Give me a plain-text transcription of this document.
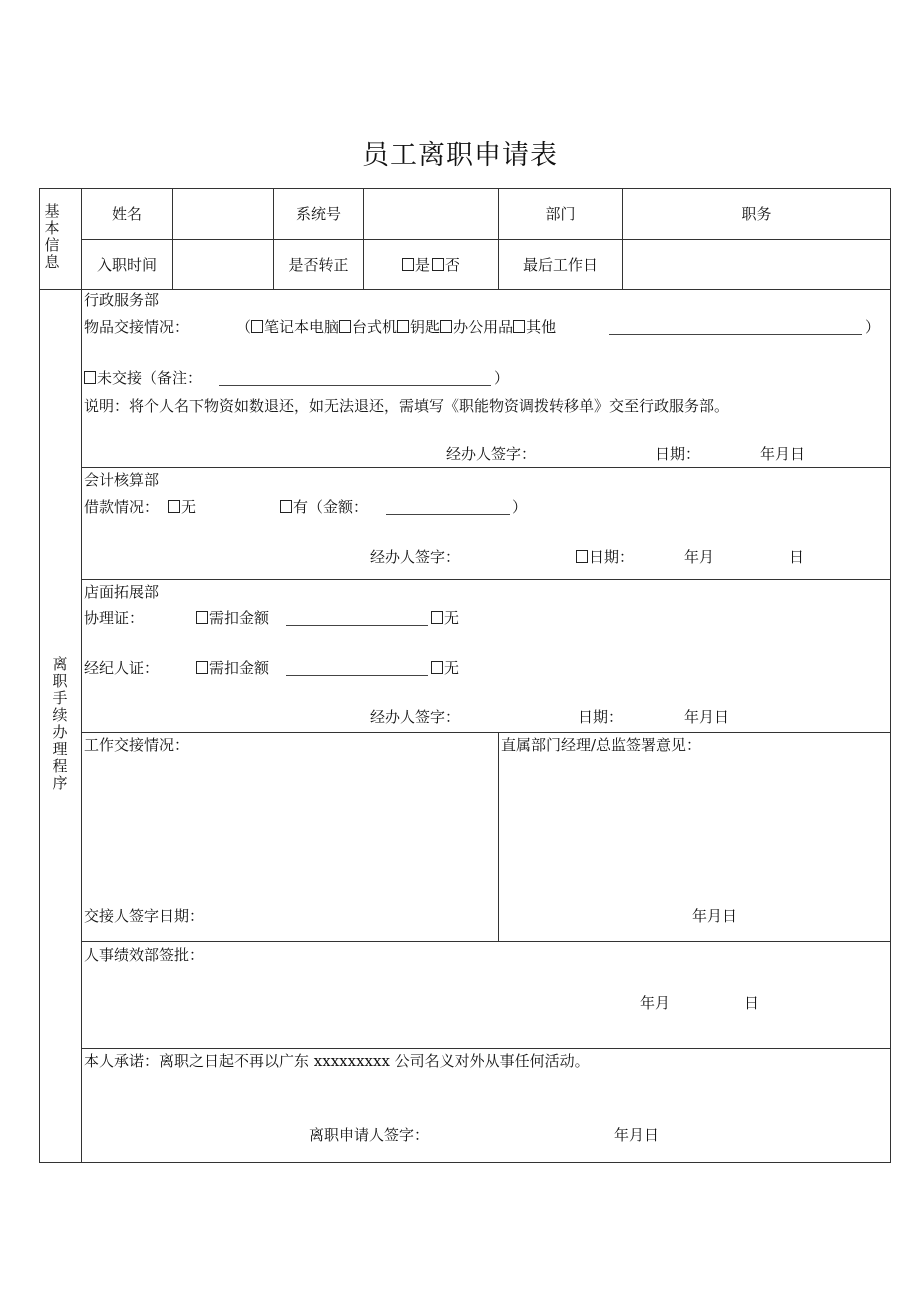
员工离职申请表
基本信息
姓名	系统号	部门	职务
入职时间	是否转正	是 否	最后工作日
离职手续办理程序
行政服务部
物品交接情况：	（ 笔记本电脑 台式机 钥匙 办公用品 其他	）
未交接（备注：	）
说明：将个人名下物资如数退还，如无法退还，需填写《职能物资调拨转移单》交至行政服务部。
经办人签字：	日期：	年月日
会计核算部
借款情况：	无	有（金额：	）
经办人签字：	日期：	年月	日
店面拓展部
协理证：	需扣金额	无
经纪人证：	需扣金额	无
经办人签字：	日期：	年月日
工作交接情况：
交接人签字日期：
直属部门经理/总监签署意见：
年月日
人事绩效部签批：
年月	日
本人承诺：离职之日起不再以广东 xxxxxxxxx 公司名义对外从事任何活动。
离职申请人签字：	年月日
